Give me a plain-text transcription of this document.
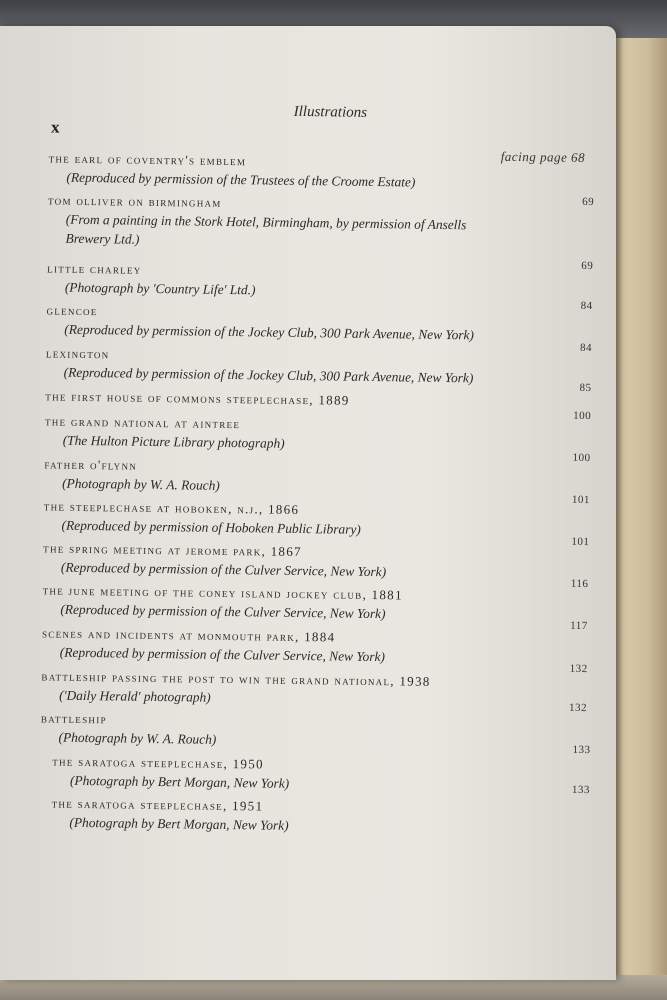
Illustrations

x
the earl of coventry's emblem
(Reproduced by permission of the Trustees of the Croome Estate)
facing page 68
tom olliver on birmingham
(From a painting in the Stork Hotel, Birmingham, by permission of Ansells
Brewery Ltd.)
69
little charley
(Photograph by 'Country Life' Ltd.)
69
glencoe
(Reproduced by permission of the Jockey Club, 300 Park Avenue, New York)
84
lexington
(Reproduced by permission of the Jockey Club, 300 Park Avenue, New York)
84
the first house of commons steeplechase, 1889
85
the grand national at aintree
(The Hulton Picture Library photograph)
100
father o'flynn
(Photograph by W. A. Rouch)
100
the steeplechase at hoboken, n.j., 1866
(Reproduced by permission of Hoboken Public Library)
101
the spring meeting at jerome park, 1867
(Reproduced by permission of the Culver Service, New York)
101
the june meeting of the coney island jockey club, 1881
(Reproduced by permission of the Culver Service, New York)
116
scenes and incidents at monmouth park, 1884
(Reproduced by permission of the Culver Service, New York)
117
battleship passing the post to win the grand national, 1938
('Daily Herald' photograph)
132
battleship
(Photograph by W. A. Rouch)
132
the saratoga steeplechase, 1950
(Photograph by Bert Morgan, New York)
133
the saratoga steeplechase, 1951
(Photograph by Bert Morgan, New York)
133
